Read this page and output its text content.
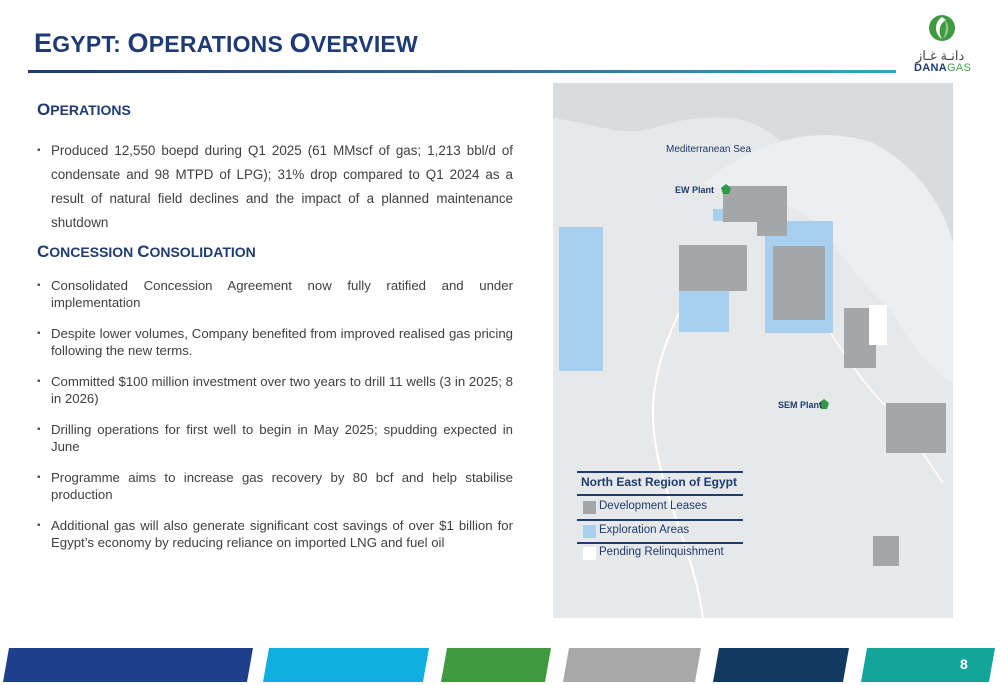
EGYPT: OPERATIONS OVERVIEW	دانـة غـاز
DANAGAS
OPERATIONS
▪ Produced 12,550 boepd during Q1 2025 (61 MMscf of gas; 1,213 bbl/d of condensate and 98 MTPD of LPG); 31% drop compared to Q1 2024 as a result of natural field declines and the impact of a planned maintenance shutdown
CONCESSION CONSOLIDATION
▪ Consolidated Concession Agreement now fully ratified and under implementation
▪ Despite lower volumes, Company benefited from improved realised gas pricing following the new terms.
▪ Committed $100 million investment over two years to drill 11 wells (3 in 2025; 8 in 2026)
▪ Drilling operations for first well to begin in May 2025; spudding expected in June
▪ Programme aims to increase gas recovery by 80 bcf and help stabilise production
▪ Additional gas will also generate significant cost savings of over $1 billion for Egypt’s economy by reducing reliance on imported LNG and fuel oil
Mediterranean Sea
EW Plant
SEM Plant
North East Region of Egypt
Development Leases
Exploration Areas
Pending Relinquishment
8
